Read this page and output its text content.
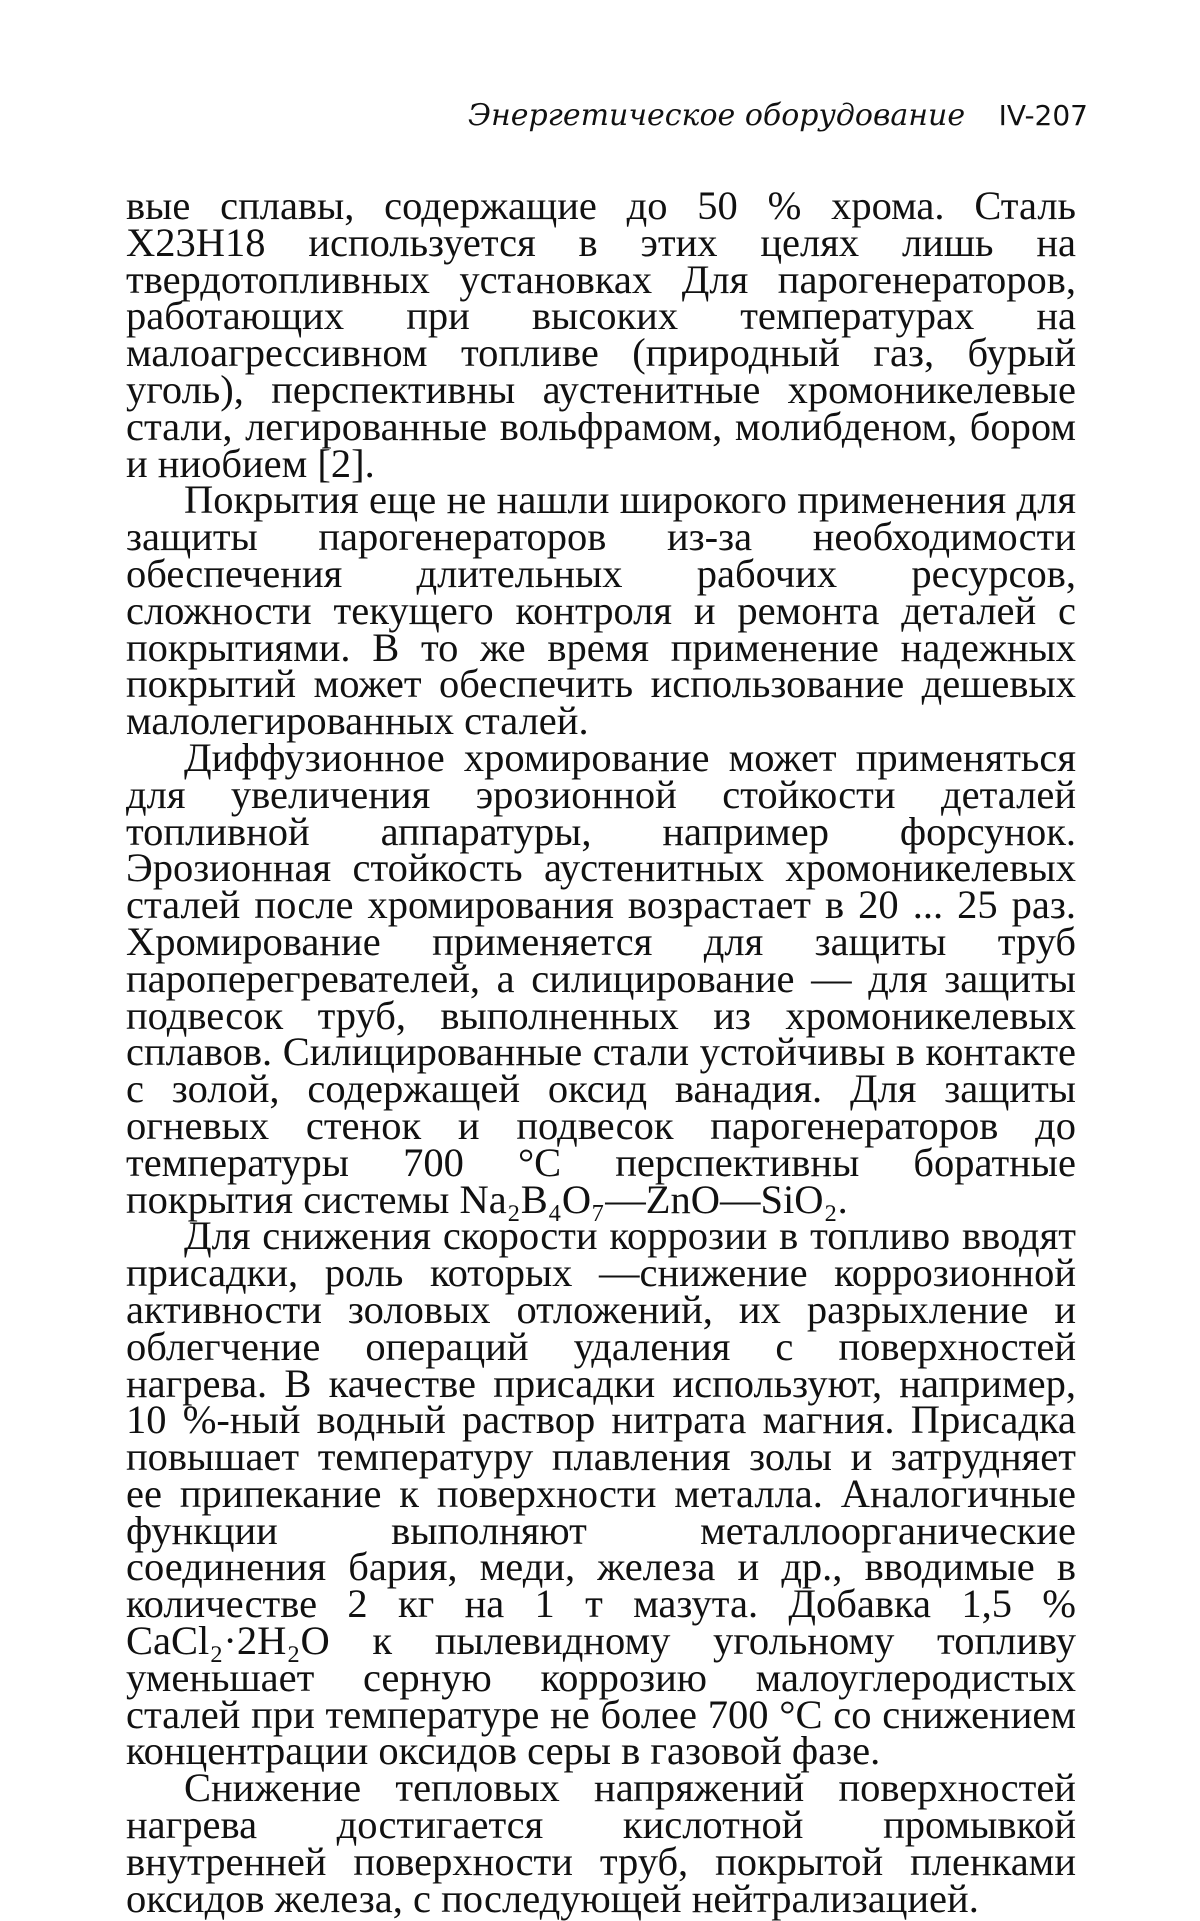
Энергетическое оборудование IV-207

вые сплавы, содержащие до 50 % хрома. Сталь Х23Н18 используется в этих целях лишь на твердотопливных установках Для парогенераторов, работающих при высоких температурах на малоагрессивном топливе (природный газ, бурый уголь), перспективны аустенитные хромоникелевые стали, легированные вольфрамом, молибденом, бором и ниобием [2].

Покрытия еще не нашли широкого применения для защиты парогенераторов из-за необходимости обеспечения длительных рабочих ресурсов, сложности текущего контроля и ремонта деталей с покрытиями. В то же время применение надежных покрытий может обеспечить использование дешевых малолегированных сталей.

Диффузионное хромирование может применяться для увеличения эрозионной стойкости деталей топливной аппаратуры, например форсунок. Эрозионная стойкость аустенитных хромоникелевых сталей после хромирования возрастает в 20 ... 25 раз. Хромирование применяется для защиты труб пароперегревателей, а силицирование — для защиты подвесок труб, выполненных из хромоникелевых сплавов. Силицированные стали устойчивы в контакте с золой, содержащей оксид ванадия. Для защиты огневых стенок и подвесок парогенераторов до температуры 700 °С перспективны боратные покрытия системы Na₂B₄O₇—ZnO—SiO₂.

Для снижения скорости коррозии в топливо вводят присадки, роль которых —снижение коррозионной активности золовых отложений, их разрыхление и облегчение операций удаления с поверхностей нагрева. В качестве присадки используют, например, 10 %-ный водный раствор нитрата магния. Присадка повышает температуру плавления золы и затрудняет ее припекание к поверхности металла. Аналогичные функции выполняют металлоорганические соединения бария, меди, железа и др., вводимые в количестве 2 кг на 1 т мазута. Добавка 1,5 % CaCl₂·2H₂O к пылевидному угольному топливу уменьшает серную коррозию малоуглеродистых сталей при температуре не более 700 °С со снижением концентрации оксидов серы в газовой фазе.

Снижение тепловых напряжений поверхностей нагрева достигается кислотной промывкой внутренней поверхности труб, покрытой пленками оксидов железа, с последующей нейтрализацией.
